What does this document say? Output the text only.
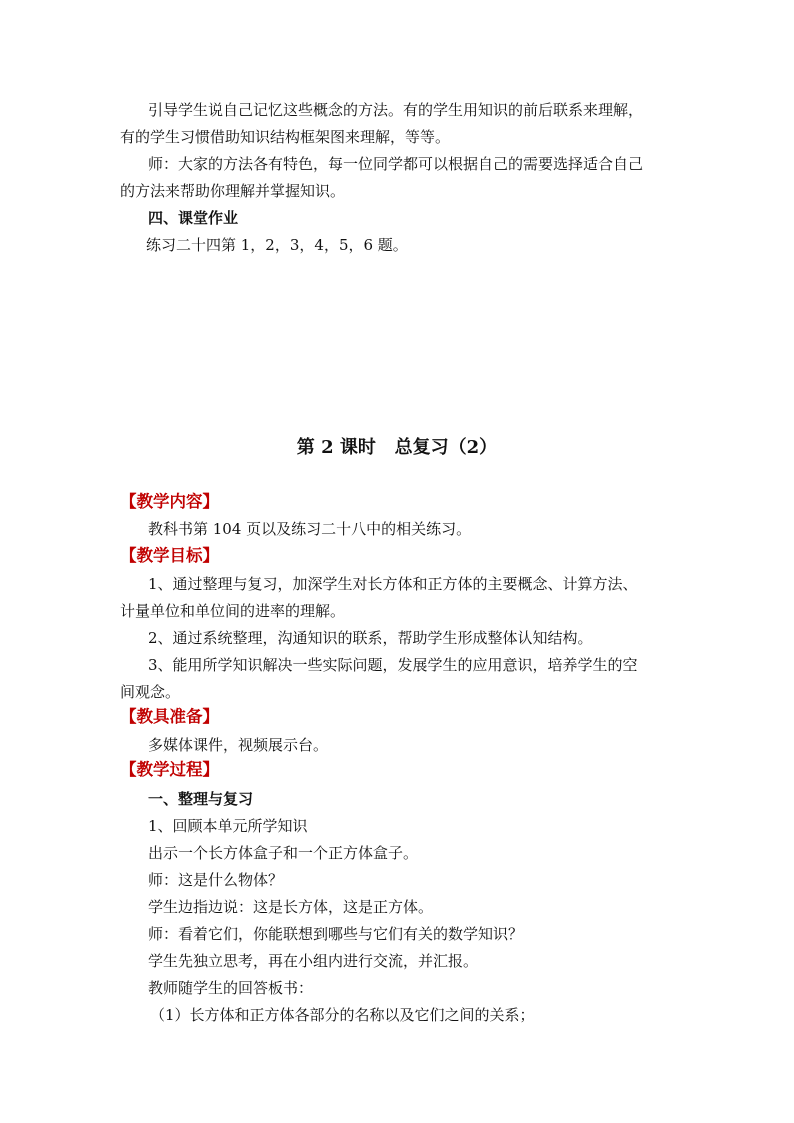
引导学生说自己记忆这些概念的方法。有的学生用知识的前后联系来理解，
有的学生习惯借助知识结构框架图来理解，等等。
师：大家的方法各有特色，每一位同学都可以根据自己的需要选择适合自己
的方法来帮助你理解并掌握知识。
四、课堂作业
练习二十四第 1，2，3，4，5，6 题。
第 2 课时   总复习（2）
【教学内容】
教科书第 104 页以及练习二十八中的相关练习。
【教学目标】
1、通过整理与复习，加深学生对长方体和正方体的主要概念、计算方法、
计量单位和单位间的进率的理解。
2、通过系统整理，沟通知识的联系，帮助学生形成整体认知结构。
3、能用所学知识解决一些实际问题，发展学生的应用意识，培养学生的空
间观念。
【教具准备】
多媒体课件，视频展示台。
【教学过程】
一、整理与复习
1、回顾本单元所学知识
出示一个长方体盒子和一个正方体盒子。
师：这是什么物体？
学生边指边说：这是长方体，这是正方体。
师：看着它们，你能联想到哪些与它们有关的数学知识？
学生先独立思考，再在小组内进行交流，并汇报。
教师随学生的回答板书：
（1）长方体和正方体各部分的名称以及它们之间的关系；
